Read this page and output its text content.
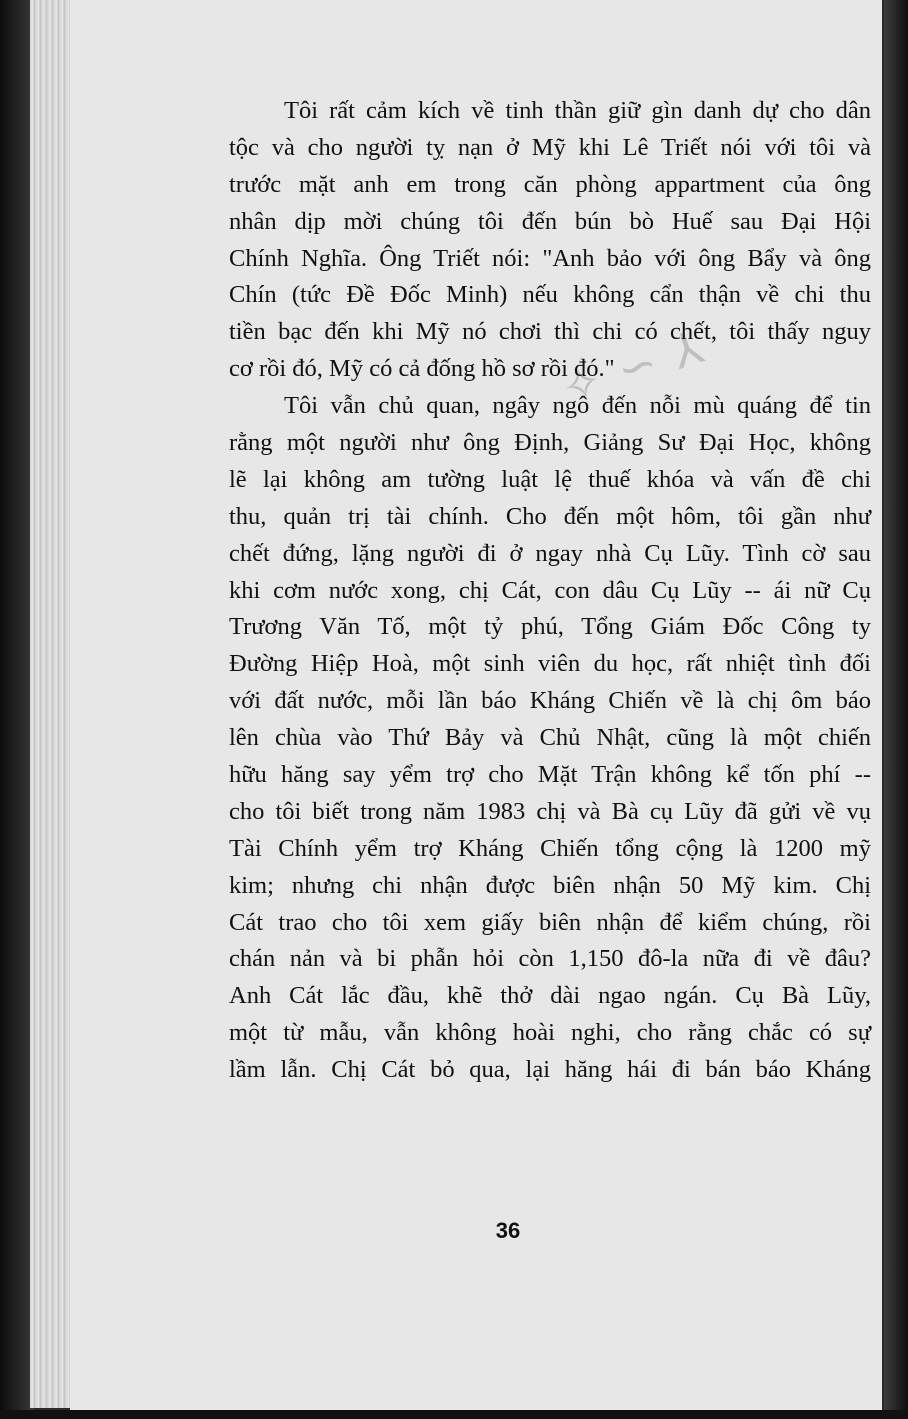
✧ ∽ ⅄
Tôi rất cảm kích về tinh thần giữ gìn danh dự cho dân
tộc và cho người tỵ nạn ở Mỹ khi Lê Triết nói với tôi và
trước mặt anh em trong căn phòng appartment của ông
nhân dịp mời chúng tôi đến bún bò Huế sau Đại Hội
Chính Nghĩa. Ông Triết nói: "Anh bảo với ông Bẩy và ông
Chín (tức Đề Đốc Minh) nếu không cẩn thận về chi thu
tiền bạc đến khi Mỹ nó chơi thì chi có chết, tôi thấy nguy
cơ rồi đó, Mỹ có cả đống hồ sơ rồi đó."
Tôi vẫn chủ quan, ngây ngô đến nỗi mù quáng để tin
rằng một người như ông Định, Giảng Sư Đại Học, không
lẽ lại không am tường luật lệ thuế khóa và vấn đề chi
thu, quản trị tài chính. Cho đến một hôm, tôi gần như
chết đứng, lặng người đi ở ngay nhà Cụ Lũy. Tình cờ sau
khi cơm nước xong, chị Cát, con dâu Cụ Lũy -- ái nữ Cụ
Trương Văn Tố, một tỷ phú, Tổng Giám Đốc Công ty
Đường Hiệp Hoà, một sinh viên du học, rất nhiệt tình đối
với đất nước, mỗi lần báo Kháng Chiến về là chị ôm báo
lên chùa vào Thứ Bảy và Chủ Nhật, cũng là một chiến
hữu hăng say yểm trợ cho Mặt Trận không kể tốn phí --
cho tôi biết trong năm 1983 chị và Bà cụ Lũy đã gửi về vụ
Tài Chính yểm trợ Kháng Chiến tổng cộng là 1200 mỹ
kim; nhưng chi nhận được biên nhận 50 Mỹ kim. Chị
Cát trao cho tôi xem giấy biên nhận để kiểm chúng, rồi
chán nản và bi phẫn hỏi còn 1,150 đô-la nữa đi về đâu?
Anh Cát lắc đầu, khẽ thở dài ngao ngán. Cụ Bà Lũy,
một từ mẫu, vẫn không hoài nghi, cho rằng chắc có sự
lầm lẫn. Chị Cát bỏ qua, lại hăng hái đi bán báo Kháng
36
